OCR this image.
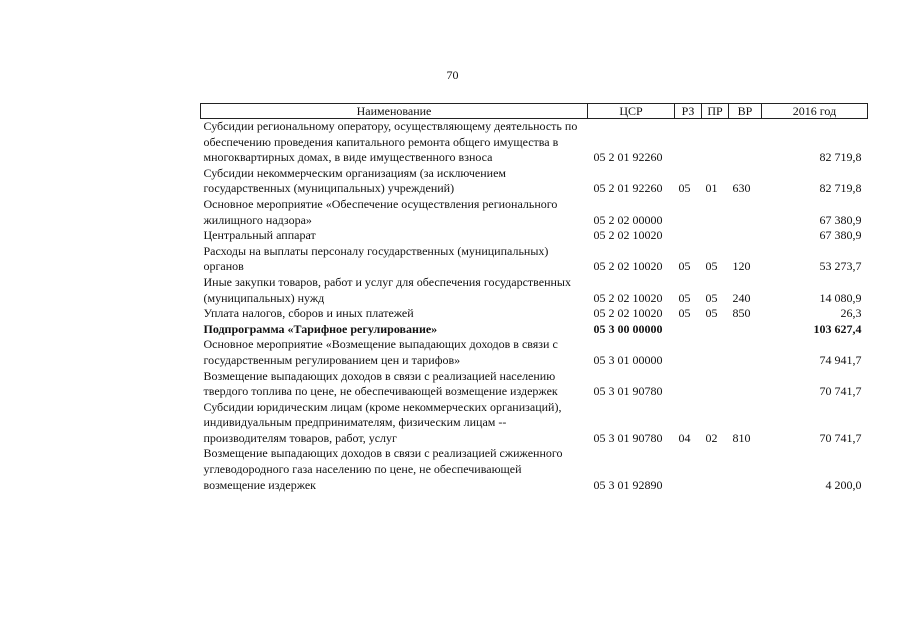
70
Наименование	ЦСР	РЗ	ПР	ВР	2016 год
Субсидии региональному оператору, осуществляющему деятельность по обеспечению проведения капитального ремонта общего имущества в многоквартирных домах, в виде имущественного взноса	05 2 01 92260				82 719,8
Субсидии некоммерческим организациям (за исключением государственных (муниципальных) учреждений)	05 2 01 92260	05	01	630	82 719,8
Основное мероприятие «Обеспечение осуществления регионального жилищного надзора»	05 2 02 00000				67 380,9
Центральный аппарат	05 2 02 10020				67 380,9
Расходы на выплаты персоналу государственных (муниципальных) органов	05 2 02 10020	05	05	120	53 273,7
Иные закупки товаров, работ и услуг для обеспечения государственных (муниципальных) нужд	05 2 02 10020	05	05	240	14 080,9
Уплата налогов, сборов и иных платежей	05 2 02 10020	05	05	850	26,3
Подпрограмма «Тарифное регулирование»	05 3 00 00000				103 627,4
Основное мероприятие «Возмещение выпадающих доходов в связи с государственным регулированием цен и тарифов»	05 3 01 00000				74 941,7
Возмещение выпадающих доходов в связи с реализацией населению твердого топлива по цене, не обеспечивающей возмещение издержек	05 3 01 90780				70 741,7
Субсидии юридическим лицам (кроме некоммерческих организаций), индивидуальным предпринимателям, физическим лицам -- производителям товаров, работ, услуг	05 3 01 90780	04	02	810	70 741,7
Возмещение выпадающих доходов в связи с реализацией сжиженного углеводородного газа населению по цене, не обеспечивающей возмещение издержек	05 3 01 92890				4 200,0
